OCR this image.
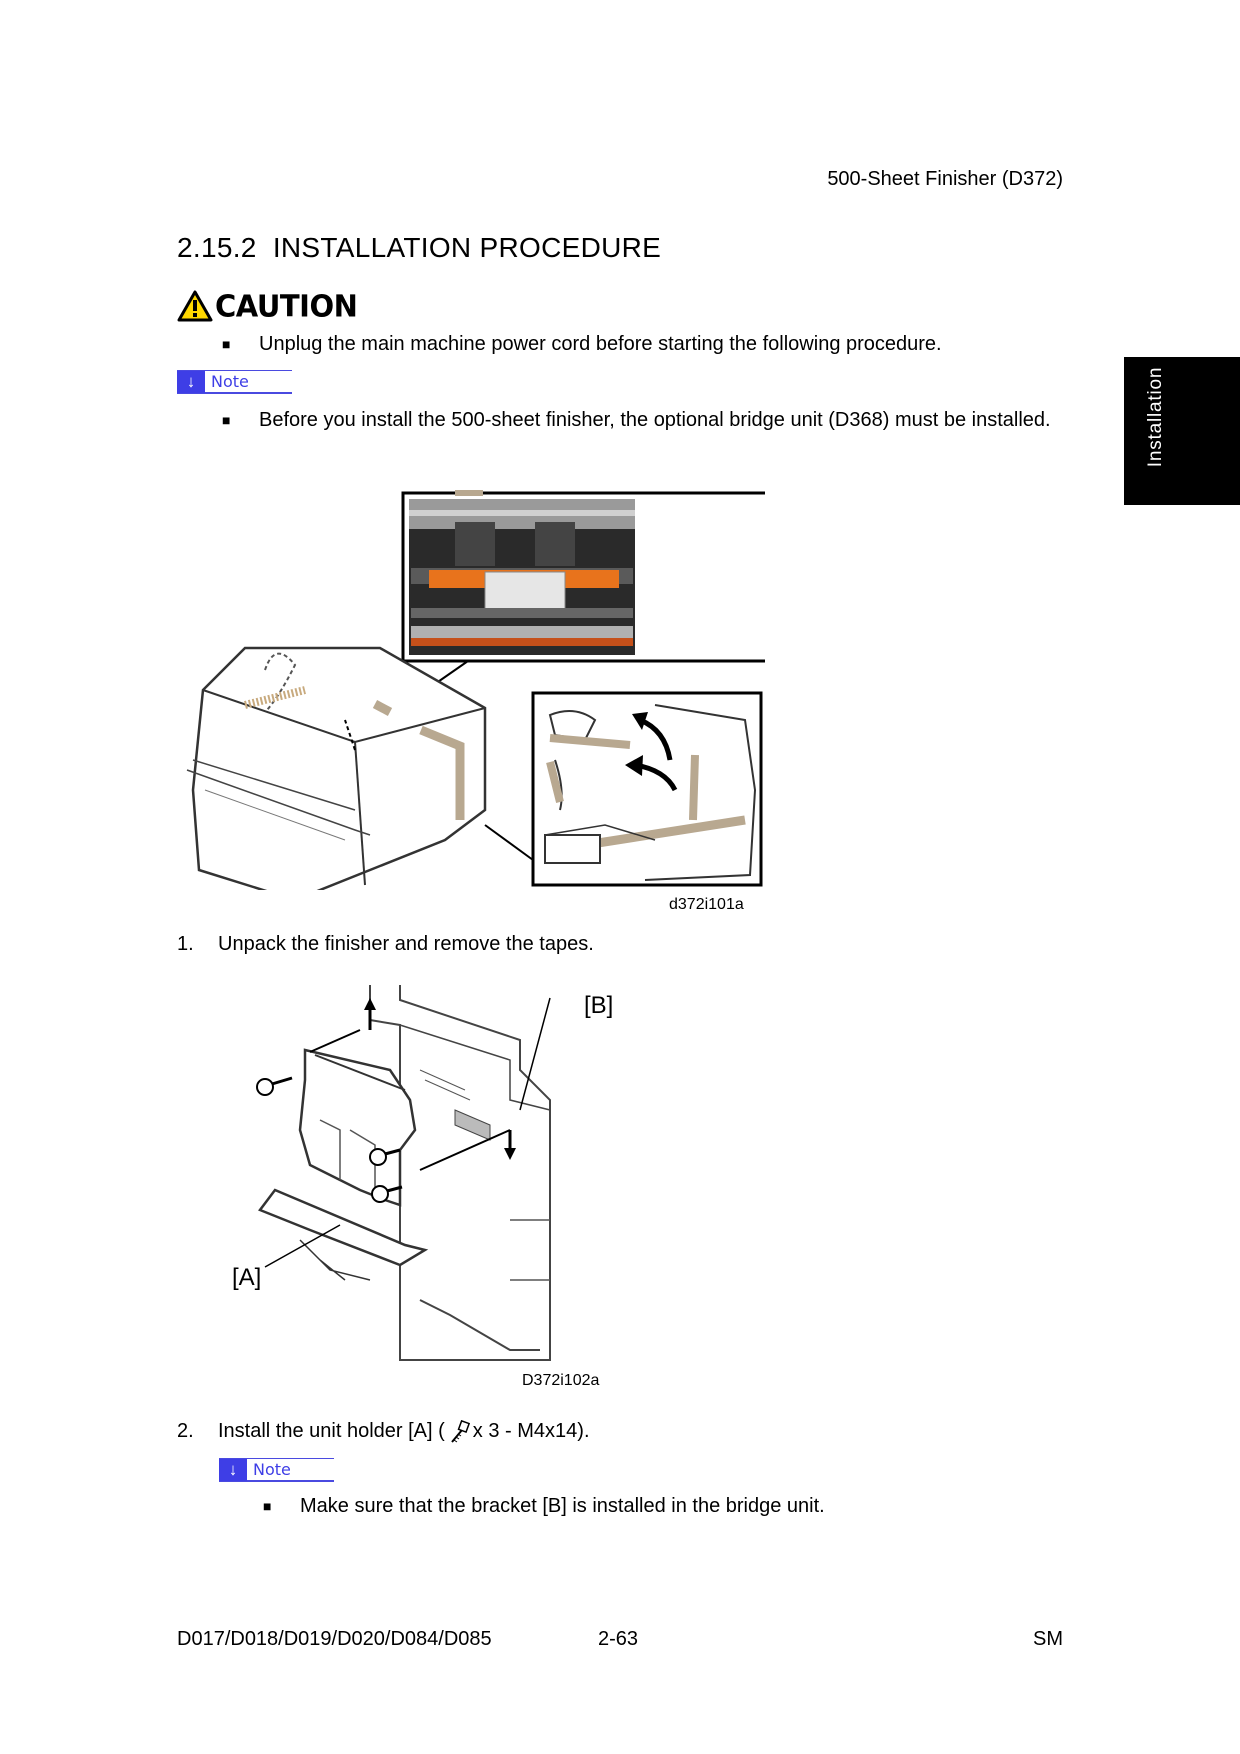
500-Sheet Finisher (D372)
2.15.2 INSTALLATION PROCEDURE
CAUTION
■	Unplug the main machine power cord before starting the following procedure.
↓ Note
■	Before you install the 500-sheet finisher, the optional bridge unit (D368) must be installed.
d372i101a
1.	Unpack the finisher and remove the tapes.
[B]
[A]
D372i102a
2.	Install the unit holder [A] ( x 3 - M4x14).
↓ Note
■	Make sure that the bracket [B] is installed in the bridge unit.
Installation
D017/D018/D019/D020/D084/D085	2-63	SM
